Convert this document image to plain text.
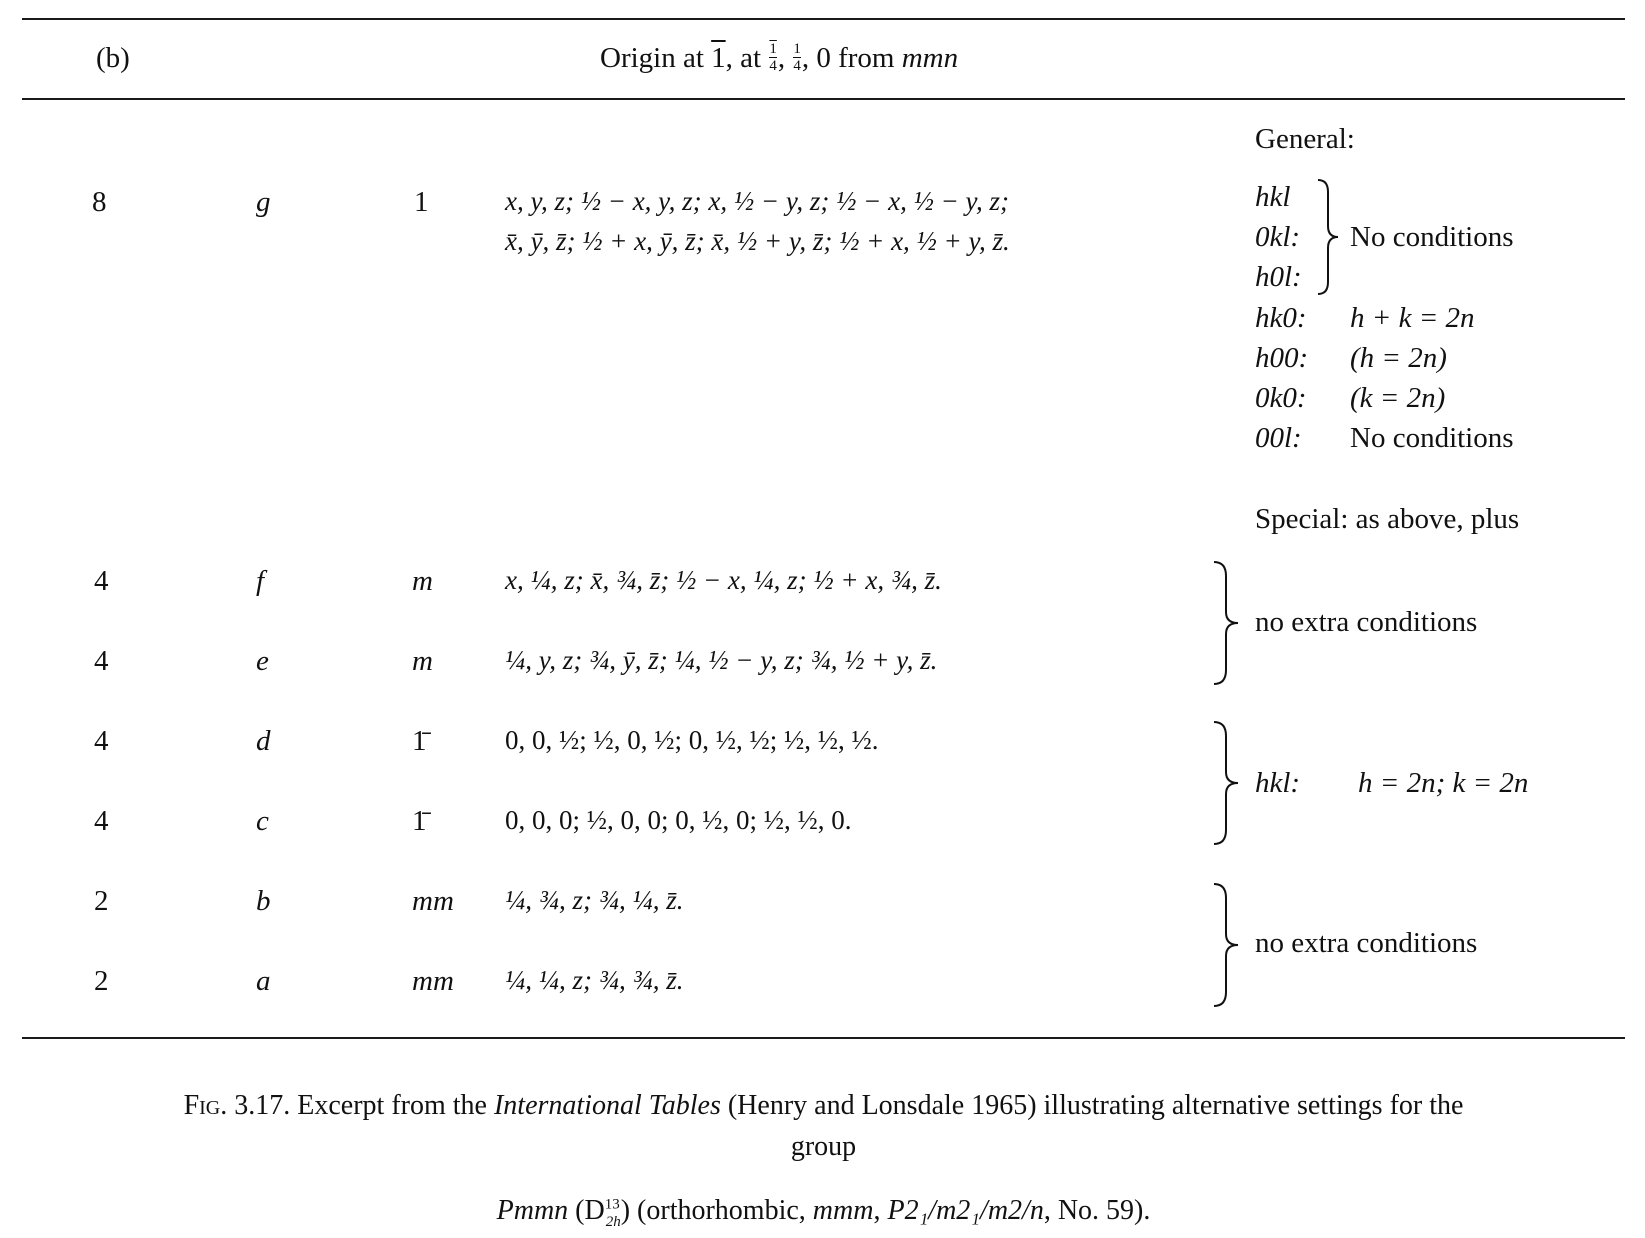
(b)	Origin at 1, at $\frac{1}{4}$ , $\frac{1}{4}$ , 0 from mmn
General:
hkl
0kl:
h0l:
No conditions
hk0: h + k = 2n
h00: (h = 2n)
0k0: (k = 2n)
00l: No conditions
Special: as above, plus
8	g	1	x, y, z; ½ − x, y, z; x, ½ − y, z; ½ − x, ½ − y, z;
x̄, ȳ, z̄; ½ + x, ȳ, z̄; x̄, ½ + y, z̄; ½ + x, ½ + y, z̄.
4	f	m	x, ¼, z; x̄, ¾, z̄; ½ − x, ¼, z; ½ + x, ¾, z̄.
4	e	m	¼, y, z; ¾, ȳ, z̄; ¼, ½ − y, z; ¾, ½ + y, z̄.
no extra conditions
4	d	1̄	0, 0, ½; ½, 0, ½; 0, ½, ½; ½, ½, ½.
4	c	1̄	0, 0, 0; ½, 0, 0; 0, ½, 0; ½, ½, 0.
hkl: h = 2n; k = 2n
2	b	mm ¼, ¾, z; ¾, ¼, z̄.
2	a	mm ¼, ¼, z; ¾, ¾, z̄.
no extra conditions
Fig. 3.17. Excerpt from the International Tables (Henry and Lonsdale 1965) illustrating alternative settings for the
group
Pmmn $(D^{13}_{2h})$ (orthorhombic, mmm, P2₁/m2₁/m2/n, No. 59).
